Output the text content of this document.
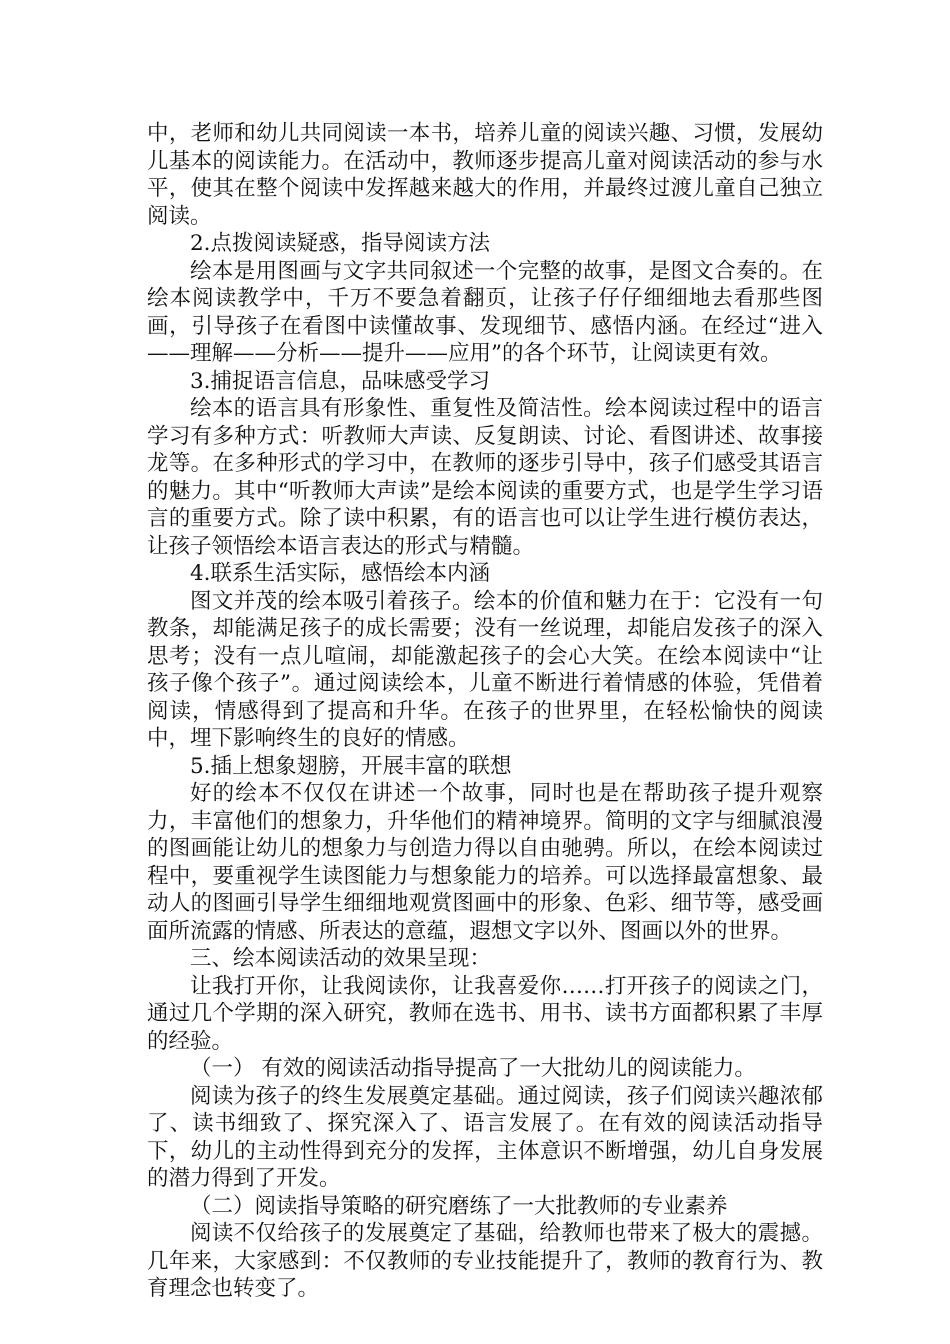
中，老师和幼儿共同阅读一本书，培养儿童的阅读兴趣、习惯，发展幼儿基本的阅读能力。在活动中，教师逐步提高儿童对阅读活动的参与水平，使其在整个阅读中发挥越来越大的作用，并最终过渡儿童自己独立阅读。

2.点拨阅读疑惑，指导阅读方法

绘本是用图画与文字共同叙述一个完整的故事，是图文合奏的。在绘本阅读教学中，千万不要急着翻页，让孩子仔仔细细地去看那些图画，引导孩子在看图中读懂故事、发现细节、感悟内涵。在经过“进入——理解——分析——提升——应用”的各个环节，让阅读更有效。

3.捕捉语言信息，品味感受学习

绘本的语言具有形象性、重复性及简洁性。绘本阅读过程中的语言学习有多种方式：听教师大声读、反复朗读、讨论、看图讲述、故事接龙等。在多种形式的学习中，在教师的逐步引导中，孩子们感受其语言的魅力。其中“听教师大声读”是绘本阅读的重要方式，也是学生学习语言的重要方式。除了读中积累，有的语言也可以让学生进行模仿表达，让孩子领悟绘本语言表达的形式与精髓。

4.联系生活实际，感悟绘本内涵

图文并茂的绘本吸引着孩子。绘本的价值和魅力在于：它没有一句教条，却能满足孩子的成长需要；没有一丝说理，却能启发孩子的深入思考；没有一点儿喧闹，却能激起孩子的会心大笑。在绘本阅读中“让孩子像个孩子”。通过阅读绘本，儿童不断进行着情感的体验，凭借着阅读，情感得到了提高和升华。在孩子的世界里，在轻松愉快的阅读中，埋下影响终生的良好的情感。

5.插上想象翅膀，开展丰富的联想

好的绘本不仅仅在讲述一个故事，同时也是在帮助孩子提升观察力，丰富他们的想象力，升华他们的精神境界。简明的文字与细腻浪漫的图画能让幼儿的想象力与创造力得以自由驰骋。所以，在绘本阅读过程中，要重视学生读图能力与想象能力的培养。可以选择最富想象、最动人的图画引导学生细细地观赏图画中的形象、色彩、细节等，感受画面所流露的情感、所表达的意蕴，遐想文字以外、图画以外的世界。

三、绘本阅读活动的效果呈现：

让我打开你，让我阅读你，让我喜爱你……打开孩子的阅读之门，通过几个学期的深入研究，教师在选书、用书、读书方面都积累了丰厚的经验。

（一） 有效的阅读活动指导提高了一大批幼儿的阅读能力。

阅读为孩子的终生发展奠定基础。通过阅读，孩子们阅读兴趣浓郁了、读书细致了、探究深入了、语言发展了。在有效的阅读活动指导下，幼儿的主动性得到充分的发挥，主体意识不断增强，幼儿自身发展的潜力得到了开发。

（二）阅读指导策略的研究磨练了一大批教师的专业素养

阅读不仅给孩子的发展奠定了基础，给教师也带来了极大的震撼。几年来，大家感到：不仅教师的专业技能提升了，教师的教育行为、教育理念也转变了。
